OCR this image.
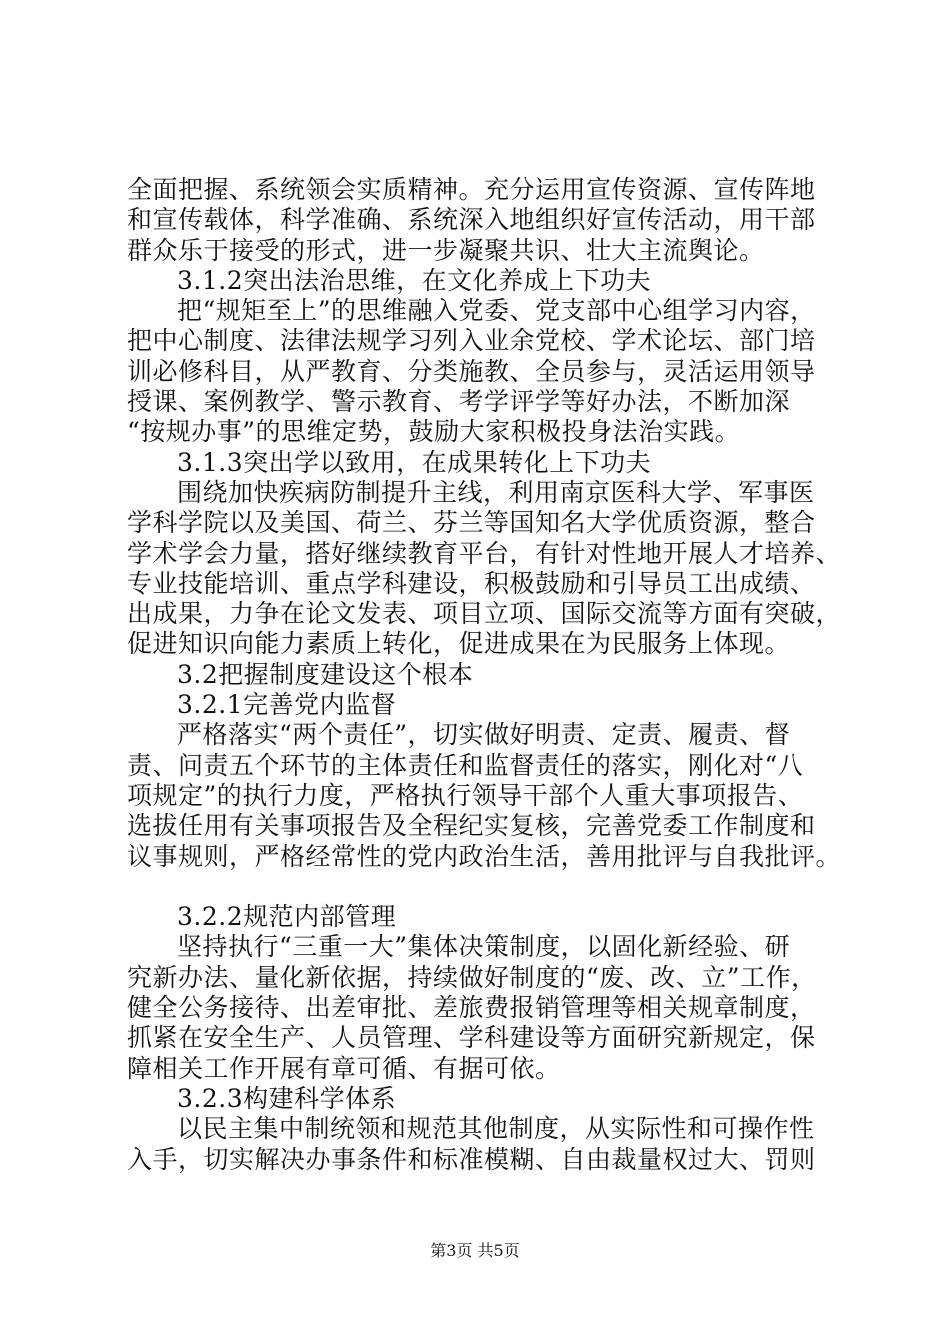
全面把握、系统领会实质精神。充分运用宣传资源、宣传阵地
和宣传载体，科学准确、系统深入地组织好宣传活动，用干部
群众乐于接受的形式，进一步凝聚共识、壮大主流舆论。
3.1.2突出法治思维，在文化养成上下功夫
把“规矩至上”的思维融入党委、党支部中心组学习内容，
把中心制度、法律法规学习列入业余党校、学术论坛、部门培
训必修科目，从严教育、分类施教、全员参与，灵活运用领导
授课、案例教学、警示教育、考学评学等好办法，不断加深
“按规办事”的思维定势，鼓励大家积极投身法治实践。
3.1.3突出学以致用，在成果转化上下功夫
围绕加快疾病防制提升主线，利用南京医科大学、军事医
学科学院以及美国、荷兰、芬兰等国知名大学优质资源，整合
学术学会力量，搭好继续教育平台，有针对性地开展人才培养、
专业技能培训、重点学科建设，积极鼓励和引导员工出成绩、
出成果，力争在论文发表、项目立项、国际交流等方面有突破，
促进知识向能力素质上转化，促进成果在为民服务上体现。
3.2把握制度建设这个根本
3.2.1完善党内监督
严格落实“两个责任”，切实做好明责、定责、履责、督
责、问责五个环节的主体责任和监督责任的落实，刚化对“八
项规定”的执行力度，严格执行领导干部个人重大事项报告、
选拔任用有关事项报告及全程纪实复核，完善党委工作制度和
议事规则，严格经常性的党内政治生活，善用批评与自我批评。
3.2.2规范内部管理
坚持执行“三重一大”集体决策制度，以固化新经验、研
究新办法、量化新依据，持续做好制度的“废、改、立”工作，
健全公务接待、出差审批、差旅费报销管理等相关规章制度，
抓紧在安全生产、人员管理、学科建设等方面研究新规定，保
障相关工作开展有章可循、有据可依。
3.2.3构建科学体系
以民主集中制统领和规范其他制度，从实际性和可操作性
入手，切实解决办事条件和标准模糊、自由裁量权过大、罚则
第3页 共5页
